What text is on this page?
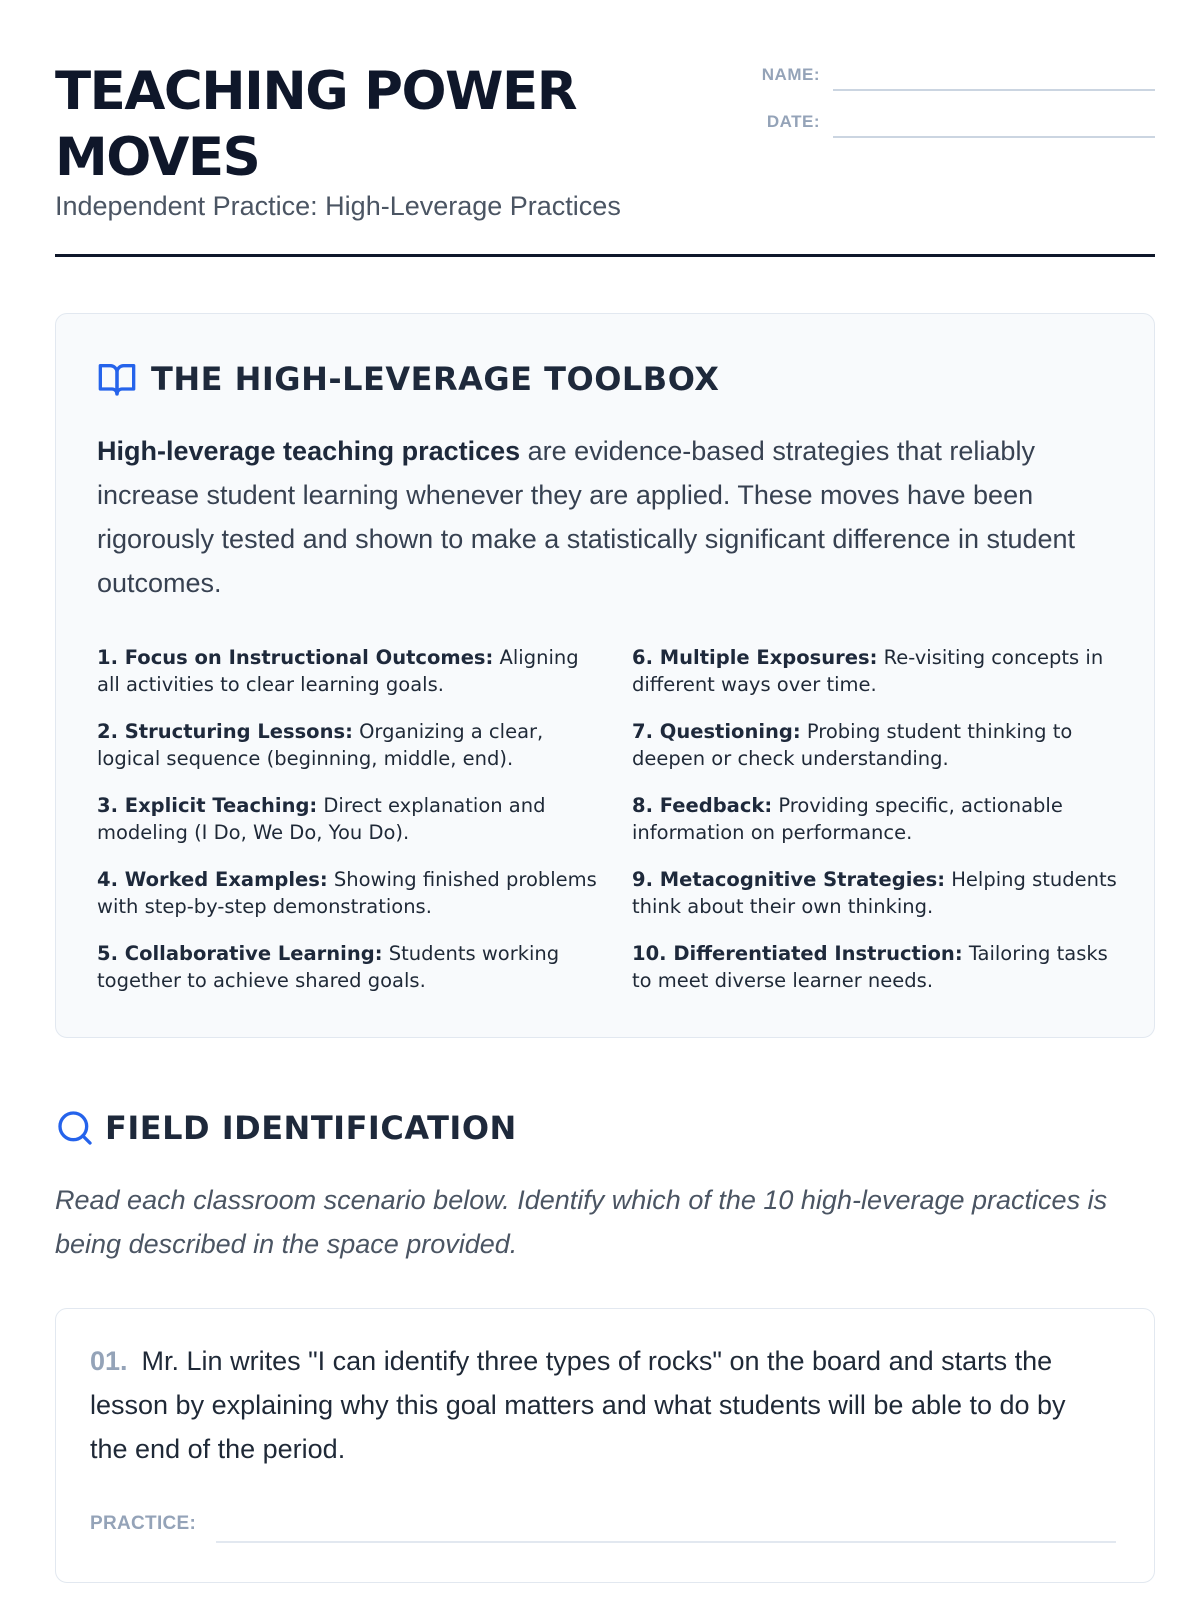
TEACHING POWER MOVES
Independent Practice: High-Leverage Practices
NAME:
DATE:
THE HIGH-LEVERAGE TOOLBOX

High-leverage teaching practices are evidence-based strategies that reliably increase student learning whenever they are applied. These moves have been rigorously tested and shown to make a statistically significant difference in student outcomes.

1. Focus on Instructional Outcomes: Aligning all activities to clear learning goals.
2. Structuring Lessons: Organizing a clear, logical sequence (beginning, middle, end).
3. Explicit Teaching: Direct explanation and modeling (I Do, We Do, You Do).
4. Worked Examples: Showing finished problems with step-by-step demonstrations.
5. Collaborative Learning: Students working together to achieve shared goals.
6. Multiple Exposures: Re-visiting concepts in different ways over time.
7. Questioning: Probing student thinking to deepen or check understanding.
8. Feedback: Providing specific, actionable information on performance.
9. Metacognitive Strategies: Helping students think about their own thinking.
10. Differentiated Instruction: Tailoring tasks to meet diverse learner needs.
FIELD IDENTIFICATION

Read each classroom scenario below. Identify which of the 10 high-leverage practices is being described in the space provided.

01. Mr. Lin writes "I can identify three types of rocks" on the board and starts the lesson by explaining why this goal matters and what students will be able to do by the end of the period.

PRACTICE:
